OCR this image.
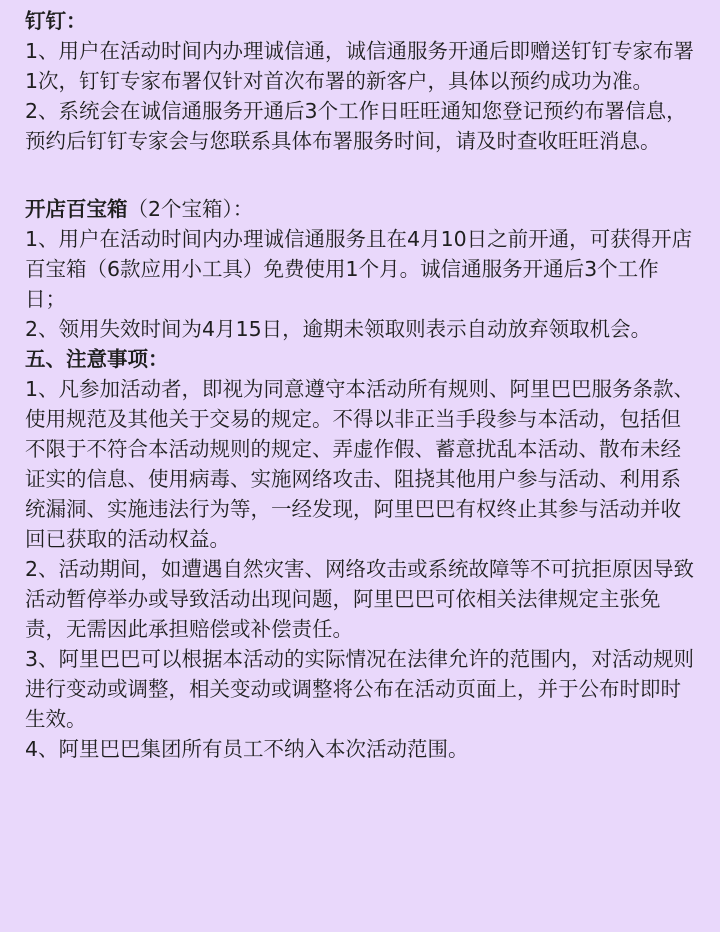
钉钉：

1、用户在活动时间内办理诚信通，诚信通服务开通后即赠送钉钉专家布署1次，钉钉专家布署仅针对首次布署的新客户，具体以预约成功为准。

2、系统会在诚信通服务开通后3个工作日旺旺通知您登记预约布署信息，预约后钉钉专家会与您联系具体布署服务时间，请及时查收旺旺消息。

开店百宝箱（2个宝箱）：

1、用户在活动时间内办理诚信通服务且在4月10日之前开通，可获得开店百宝箱（6款应用小工具）免费使用1个月。诚信通服务开通后3个工作日；

2、领用失效时间为4月15日，逾期未领取则表示自动放弃领取机会。

五、注意事项：

1、凡参加活动者，即视为同意遵守本活动所有规则、阿里巴巴服务条款、使用规范及其他关于交易的规定。不得以非正当手段参与本活动，包括但不限于不符合本活动规则的规定、弄虚作假、蓄意扰乱本活动、散布未经证实的信息、使用病毒、实施网络攻击、阻挠其他用户参与活动、利用系统漏洞、实施违法行为等，一经发现，阿里巴巴有权终止其参与活动并收回已获取的活动权益。

2、活动期间，如遭遇自然灾害、网络攻击或系统故障等不可抗拒原因导致活动暂停举办或导致活动出现问题，阿里巴巴可依相关法律规定主张免责，无需因此承担赔偿或补偿责任。

3、阿里巴巴可以根据本活动的实际情况在法律允许的范围内，对活动规则进行变动或调整，相关变动或调整将公布在活动页面上，并于公布时即时生效。

4、阿里巴巴集团所有员工不纳入本次活动范围。
